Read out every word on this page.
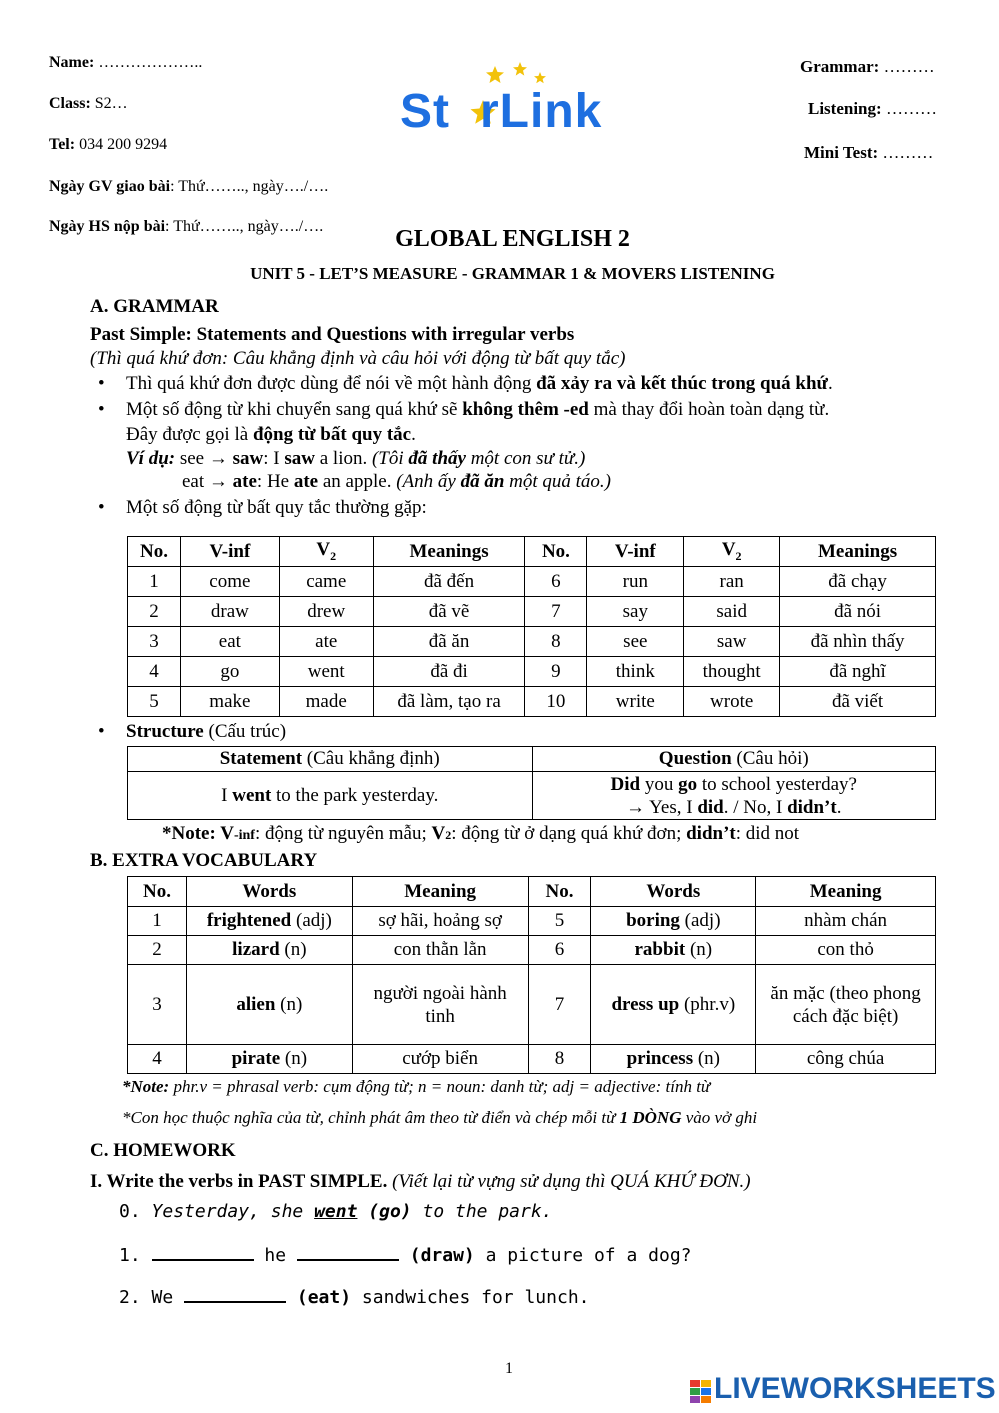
Name: ………………..
Class: S2…
Tel: 034 200 9294
Ngày GV giao bài: Thứ…….., ngày…./….
Ngày HS nộp bài: Thứ…….., ngày…./….
Grammar: ………
Listening: ………
Mini Test: ………
St rLink
GLOBAL ENGLISH 2
UNIT 5 - LET’S MEASURE - GRAMMAR 1 & MOVERS LISTENING
A. GRAMMAR
Past Simple: Statements and Questions with irregular verbs
(Thì quá khứ đơn: Câu khẳng định và câu hỏi với động từ bất quy tắc)
• Thì quá khứ đơn được dùng để nói về một hành động đã xảy ra và kết thúc trong quá khứ.
• Một số động từ khi chuyển sang quá khứ sẽ không thêm -ed mà thay đổi hoàn toàn dạng từ.
Đây được gọi là động từ bất quy tắc.
Ví dụ: see → saw: I saw a lion. (Tôi đã thấy một con sư tử.)
eat → ate: He ate an apple. (Anh ấy đã ăn một quả táo.)
• Một số động từ bất quy tắc thường gặp:
No.	V-inf	$V_2$	Meanings	No.	V-inf	$V_2$	Meanings
1	come	came	đã đến	6	run	ran	đã chạy
2	draw	drew	đã vẽ	7	say	said	đã nói
3	eat	ate	đã ăn	8	see	saw	đã nhìn thấy
4	go	went	đã đi	9	think	thought	đã nghĩ
5	make	made	đã làm, tạo ra	10	write	wrote	đã viết
• Structure (Cấu trúc)
Statement (Câu khẳng định)	Question (Câu hỏi)
I went to the park yesterday.	Did you go to school yesterday?
→ Yes, I did. / No, I didn’t.
*Note: V-inf: động từ nguyên mẫu; V2: động từ ở dạng quá khứ đơn; didn’t: did not
B. EXTRA VOCABULARY
No.	Words	Meaning	No.	Words	Meaning
1	frightened (adj)	sợ hãi, hoảng sợ	5	boring (adj)	nhàm chán
2	lizard (n)	con thằn lằn	6	rabbit (n)	con thỏ
3	alien (n)	người ngoài hành tinh	7	dress up (phr.v)	ăn mặc (theo phong cách đặc biệt)
4	pirate (n)	cướp biển	8	princess (n)	công chúa
*Note: phr.v = phrasal verb: cụm động từ; n = noun: danh từ; adj = adjective: tính từ
*Con học thuộc nghĩa của từ, chỉnh phát âm theo từ điển và chép mỗi từ 1 DÒNG vào vở ghi
C. HOMEWORK
I. Write the verbs in PAST SIMPLE. (Viết lại từ vựng sử dụng thì QUÁ KHỨ ĐƠN.)
0. Yesterday, she went (go) to the park.
1.	he	(draw) a picture of a dog?
2. We	(eat) sandwiches for lunch.
1
LIVEWORKSHEETS
